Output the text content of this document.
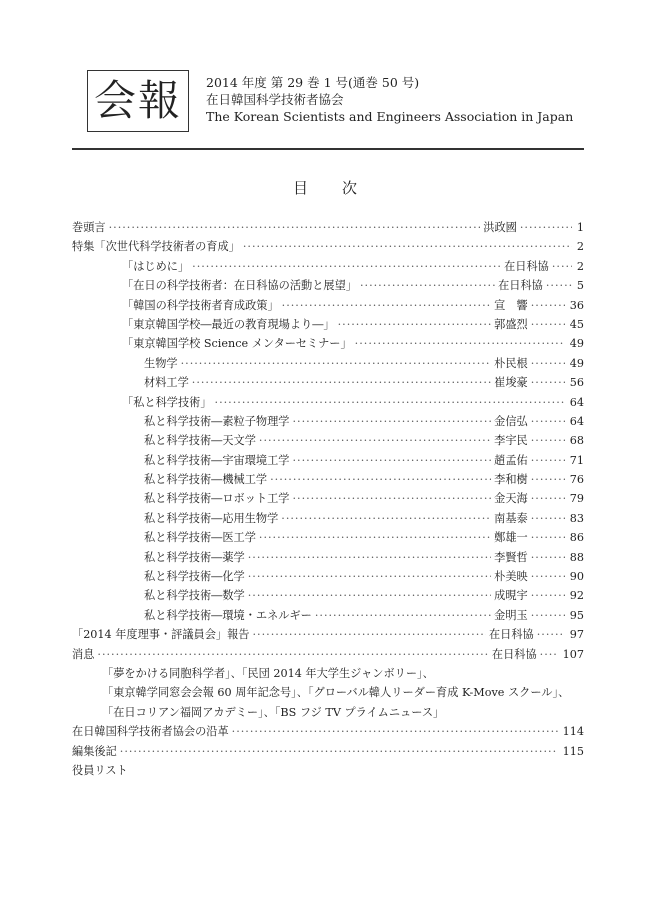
会報 2014 年度 第 29 巻 1 号(通巻 50 号)
在日韓国科学技術者協会
The Korean Scientists and Engineers Association in Japan
目次
巻頭言 ·····	洪政國 ·····	1
特集「次世代科学技術者の育成」 ·····	2
「はじめに」 ·····	在日科協 ·····	2
「在日の科学技術者：在日科協の活動と展望」 ·····	在日科協 ·····	5
「韓国の科学技術者育成政策」 ·····	宣　響 ·····	36
「東京韓国学校―最近の教育現場より―」 ·····	郭盛烈 ·····	45
「東京韓国学校 Science メンターセミナー」 ·····	49
生物学 ·····	朴民根 ·····	49
材料工学 ·····	崔埈豪 ·····	56
「私と科学技術」 ·····	64
私と科学技術―素粒子物理学 ·····	金信弘 ·····	64
私と科学技術―天文学 ·····	李宇民 ·····	68
私と科学技術―宇宙環境工学 ·····	趙孟佑 ·····	71
私と科学技術―機械工学 ·····	李和樹 ·····	76
私と科学技術―ロボット工学 ·····	金天海 ·····	79
私と科学技術―応用生物学 ·····	南基泰 ·····	83
私と科学技術―医工学 ·····	鄭雄一 ·····	86
私と科学技術―薬学 ·····	李賢哲 ·····	88
私と科学技術―化学 ·····	朴美映 ·····	90
私と科学技術―数学 ·····	成晛宇 ·····	92
私と科学技術―環境・エネルギー ·····	金明玉 ·····	95
「2014 年度理事・評議員会」報告 ·····	在日科協 ·····	97
消息 ·····	在日科協 ····· 107
「夢をかける同胞科学者」、「民団 2014 年大学生ジャンボリー」、
「東京韓学同窓会会報 60 周年記念号」、「グローバル韓人リーダー育成 K-Move スクール」、
「在日コリアン福岡アカデミー」、「BS フジ TV プライムニュース」
在日韓国科学技術者協会の沿革 ·····	114
編集後記 ·····	115
役員リスト
